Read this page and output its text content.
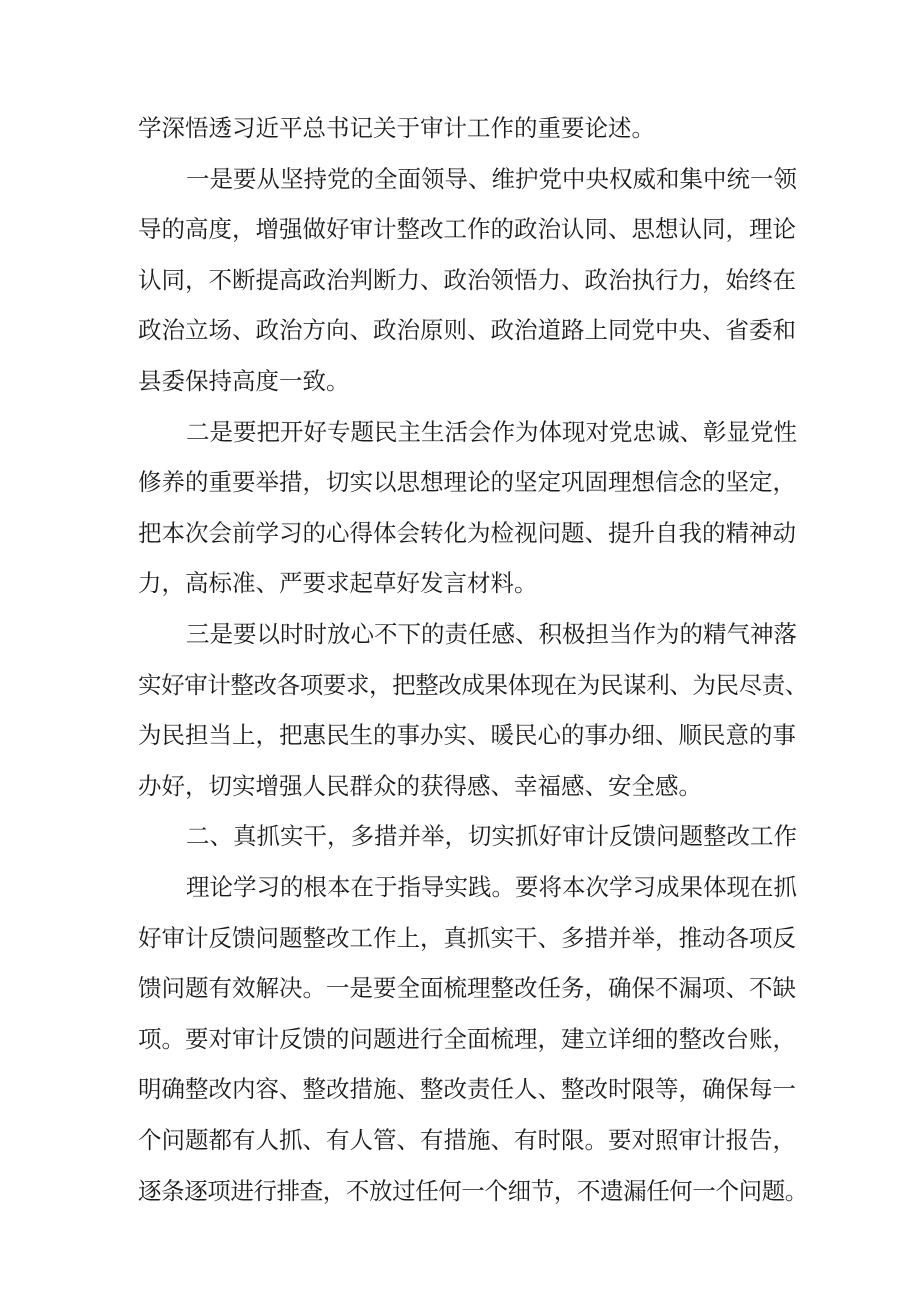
学深悟透习近平总书记关于审计工作的重要论述。
一是要从坚持党的全面领导、维护党中央权威和集中统一领
导的高度，增强做好审计整改工作的政治认同、思想认同，理论
认同，不断提高政治判断力、政治领悟力、政治执行力，始终在
政治立场、政治方向、政治原则、政治道路上同党中央、省委和
县委保持高度一致。
二是要把开好专题民主生活会作为体现对党忠诚、彰显党性
修养的重要举措，切实以思想理论的坚定巩固理想信念的坚定，
把本次会前学习的心得体会转化为检视问题、提升自我的精神动
力，高标准、严要求起草好发言材料。
三是要以时时放心不下的责任感、积极担当作为的精气神落
实好审计整改各项要求，把整改成果体现在为民谋利、为民尽责、
为民担当上，把惠民生的事办实、暖民心的事办细、顺民意的事
办好，切实增强人民群众的获得感、幸福感、安全感。
二、真抓实干，多措并举，切实抓好审计反馈问题整改工作
理论学习的根本在于指导实践。要将本次学习成果体现在抓
好审计反馈问题整改工作上，真抓实干、多措并举，推动各项反
馈问题有效解决。一是要全面梳理整改任务，确保不漏项、不缺
项。要对审计反馈的问题进行全面梳理，建立详细的整改台账，
明确整改内容、整改措施、整改责任人、整改时限等，确保每一
个问题都有人抓、有人管、有措施、有时限。要对照审计报告，
逐条逐项进行排查，不放过任何一个细节，不遗漏任何一个问题。
